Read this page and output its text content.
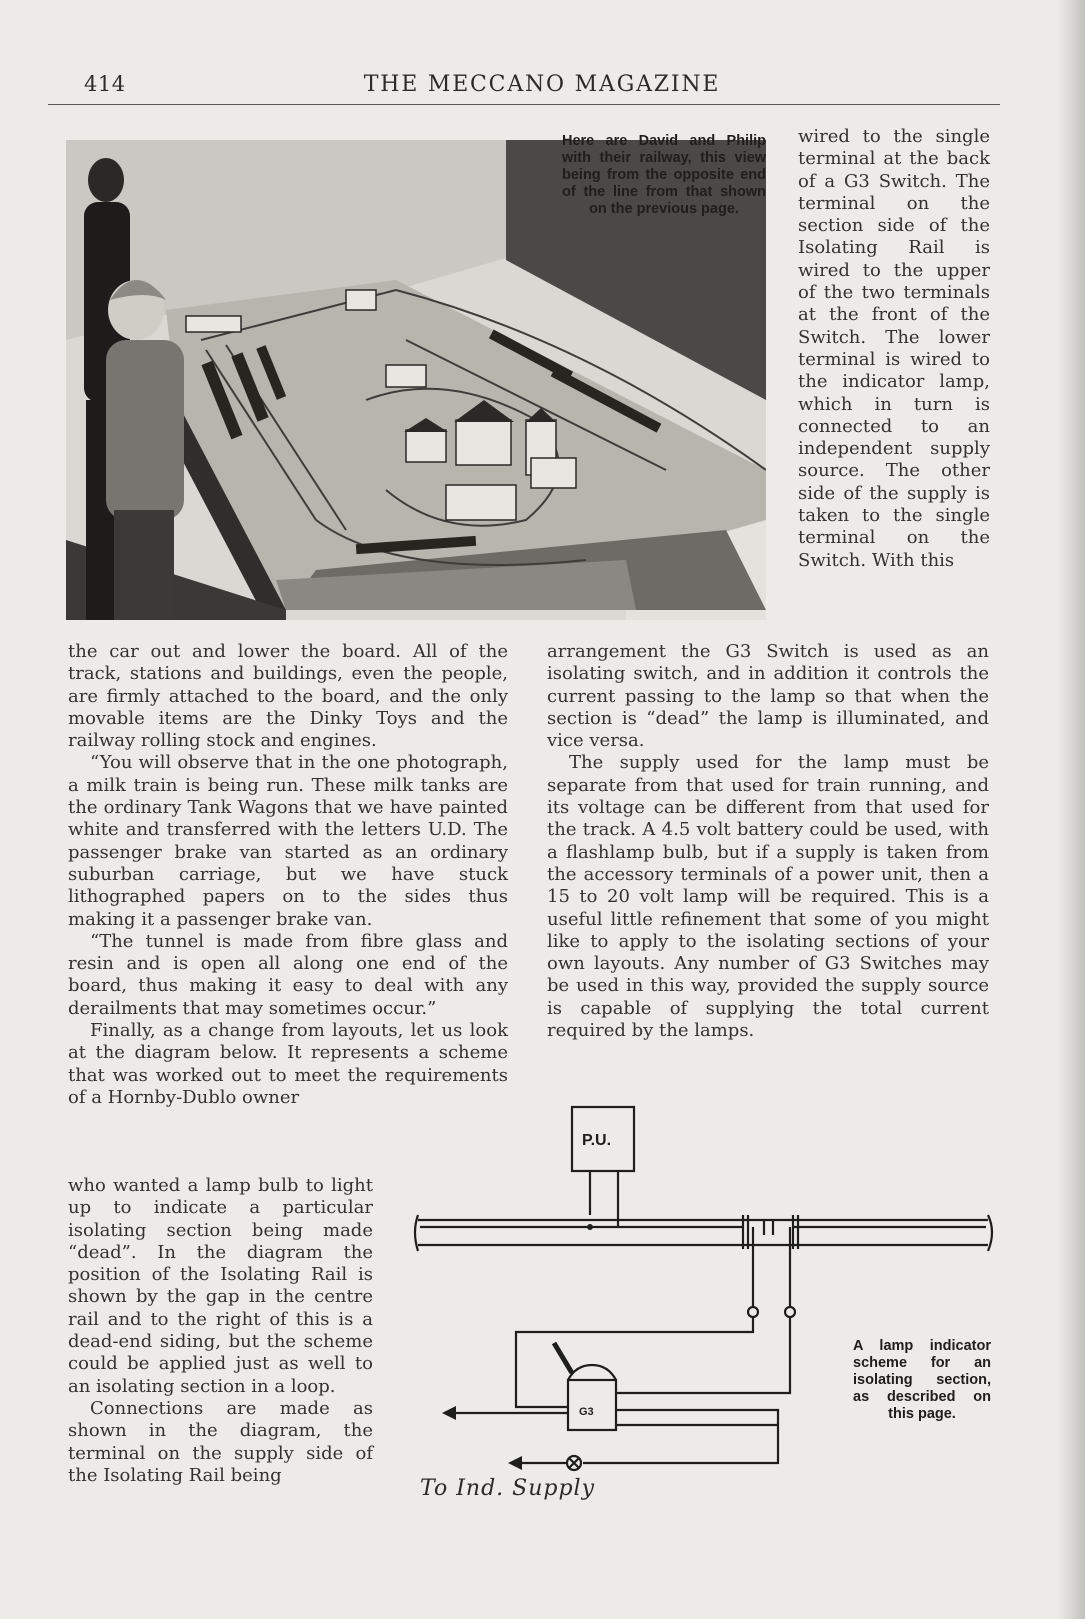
414	THE MECCANO MAGAZINE
Here are David and Philip with their railway, this view being from the opposite end of the line from that shown on the previous page.

wired to the single terminal at the back of a G3 Switch. The terminal on the section side of the Isolating Rail is wired to the upper of the two terminals at the front of the Switch. The lower terminal is wired to the indicator lamp, which in turn is connected to an independent supply source. The other side of the supply is taken to the single terminal on the Switch. With this

the car out and lower the board. All of the track, stations and buildings, even the people, are firmly attached to the board, and the only movable items are the Dinky Toys and the railway rolling stock and engines.

“You will observe that in the one photograph, a milk train is being run. These milk tanks are the ordinary Tank Wagons that we have painted white and transferred with the letters U.D. The passenger brake van started as an ordinary suburban carriage, but we have stuck lithographed papers on to the sides thus making it a passenger brake van.

“The tunnel is made from fibre glass and resin and is open all along one end of the board, thus making it easy to deal with any derailments that may sometimes occur.”

Finally, as a change from layouts, let us look at the diagram below. It represents a scheme that was worked out to meet the requirements of a Hornby-Dublo owner

who wanted a lamp bulb to light up to indicate a particular isolating section being made “dead”. In the diagram the position of the Isolating Rail is shown by the gap in the centre rail and to the right of this is a dead-end siding, but the scheme could be applied just as well to an isolating section in a loop.

Connections are made as shown in the diagram, the terminal on the supply side of the Isolating Rail being

arrangement the G3 Switch is used as an isolating switch, and in addition it controls the current passing to the lamp so that when the section is “dead” the lamp is illuminated, and vice versa.

The supply used for the lamp must be separate from that used for train running, and its voltage can be different from that used for the track. A 4.5 volt battery could be used, with a flashlamp bulb, but if a supply is taken from the accessory terminals of a power unit, then a 15 to 20 volt lamp will be required. This is a useful little refinement that some of you might like to apply to the isolating sections of your own layouts. Any number of G3 Switches may be used in this way, provided the supply source is capable of supplying the total current required by the lamps.

P.U.
G3
To Ind. Supply
A lamp indicator scheme for an isolating section, as described on this page.
